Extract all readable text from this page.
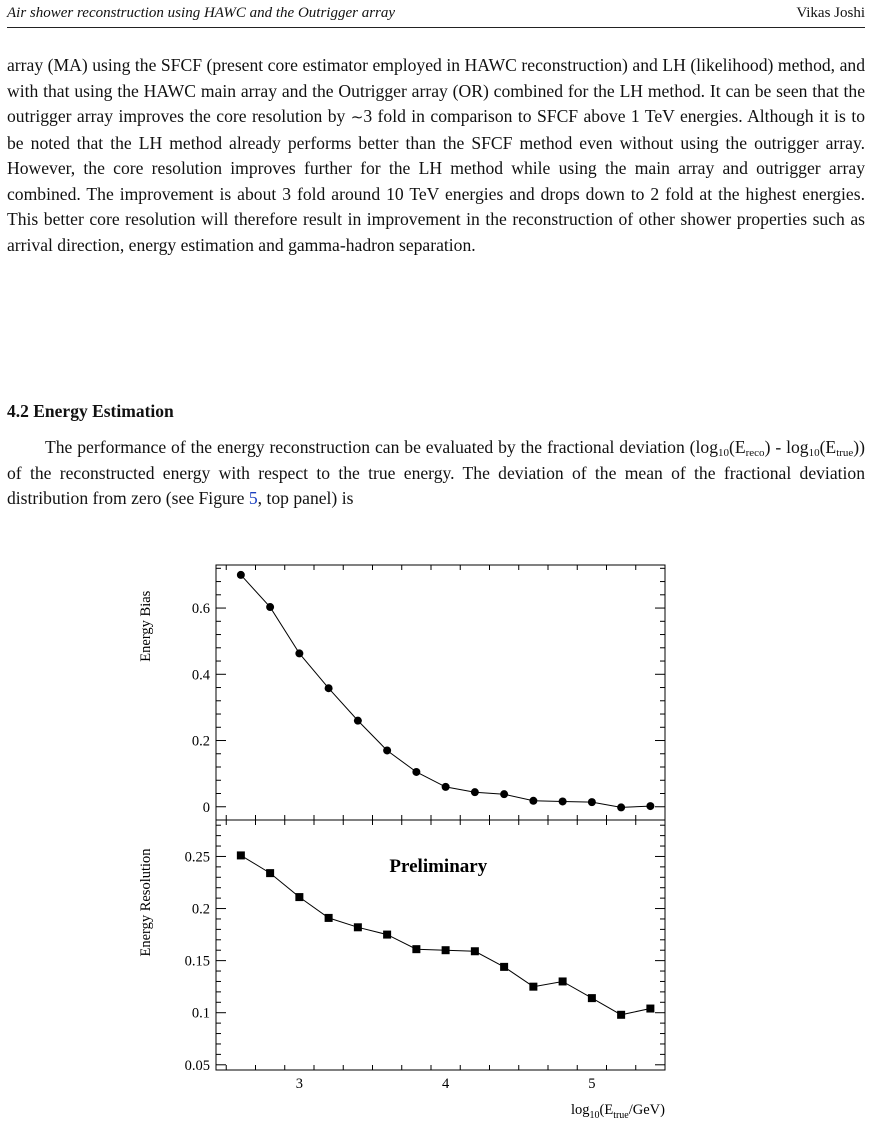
Air shower reconstruction using HAWC and the Outrigger array	Vikas Joshi

array (MA) using the SFCF (present core estimator employed in HAWC reconstruction) and LH (likelihood) method, and with that using the HAWC main array and the Outrigger array (OR) combined for the LH method. It can be seen that the outrigger array improves the core resolution by ∼3 fold in comparison to SFCF above 1 TeV energies. Although it is to be noted that the LH method already performs better than the SFCF method even without using the outrigger array. However, the core resolution improves further for the LH method while using the main array and outrigger array combined. The improvement is about 3 fold around 10 TeV energies and drops down to 2 fold at the highest energies. This better core resolution will therefore result in improvement in the reconstruction of other shower properties such as arrival direction, energy estimation and gamma-hadron separation.

4.2 Energy Estimation

The performance of the energy reconstruction can be evaluated by the fractional deviation $(\log_{10}(E_{reco}) - \log_{10}(E_{true}))$ of the reconstructed energy with respect to the true energy. The deviation of the mean of the fractional deviation distribution from zero (see Figure 5, top panel) is

0
0.2
0.4
0.6
Energy Bias
0.05
0.1
0.15
0.2
0.25
Energy Resolution
3	4	5
$\log_{10}(E_{true}/GeV)$
Preliminary
